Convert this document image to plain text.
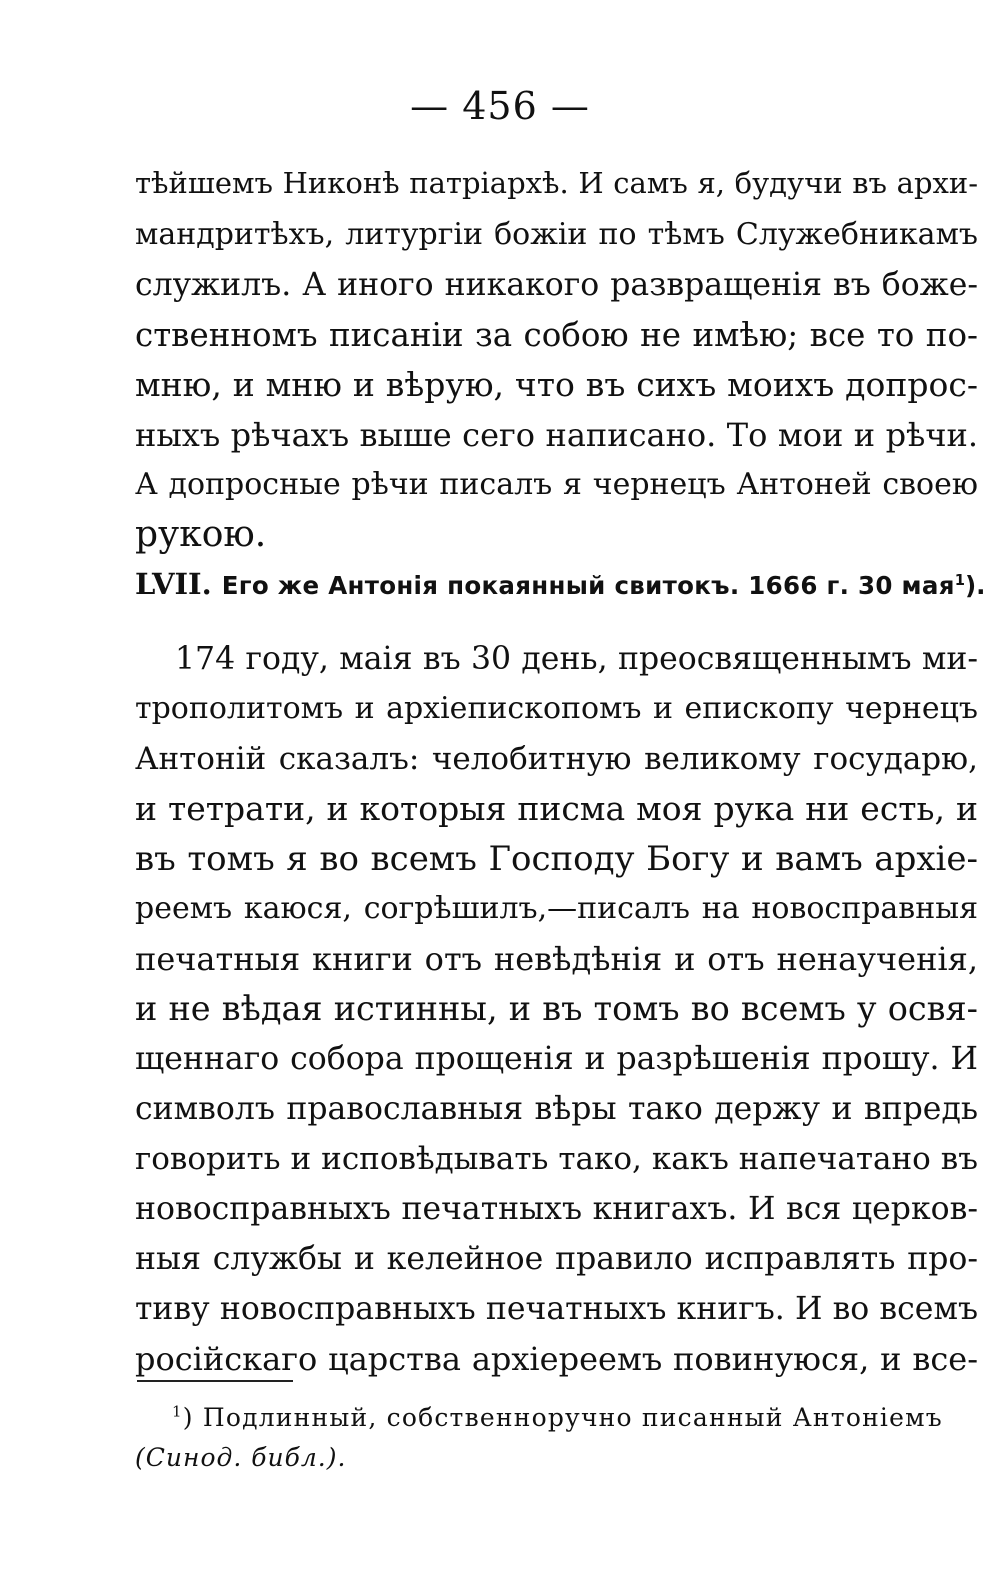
— 456 —
тѣйшемъ Никонѣ патріархѣ. И самъ я, будучи въ архи-
мандритѣхъ, литургіи божіи по тѣмъ Служебникамъ
служилъ. А иного никакого развращенія въ боже-
ственномъ писаніи за собою не имѣю; все то по-
мню, и мню и вѣрую, что въ сихъ моихъ допрос-
ныхъ рѣчахъ выше сего написано. То мои и рѣчи.
А допросные рѣчи писалъ я чернецъ Антоней своею
рукою.
LVII. Его же Антонія покаянный свитокъ. 1666 г. 30 мая$^1$).
174 году, маія въ 30 день, преосвященнымъ ми-
трополитомъ и архіепископомъ и епископу чернецъ
Антоній сказалъ: челобитную великому государю,
и тетрати, и которыя писма моя рука ни есть, и
въ томъ я во всемъ Господу Богу и вамъ архіе-
реемъ каюся, согрѣшилъ,—писалъ на новосправныя
печатныя книги отъ невѣдѣнія и отъ ненаученія,
и не вѣдая истинны, и въ томъ во всемъ у освя-
щеннаго собора прощенія и разрѣшенія прошу. И
символъ православныя вѣры тако держу и впредь
говорить и исповѣдывать тако, какъ напечатано въ
новосправныхъ печатныхъ книгахъ. И вся церков-
ныя службы и келейное правило исправлять про-
тиву новосправныхъ печатныхъ книгъ. И во всемъ
російскаго царства архіереемъ повинуюся, и все-
$^1$) Подлинный, собственноручно писанный Антоніемъ
(Синод. библ.).
